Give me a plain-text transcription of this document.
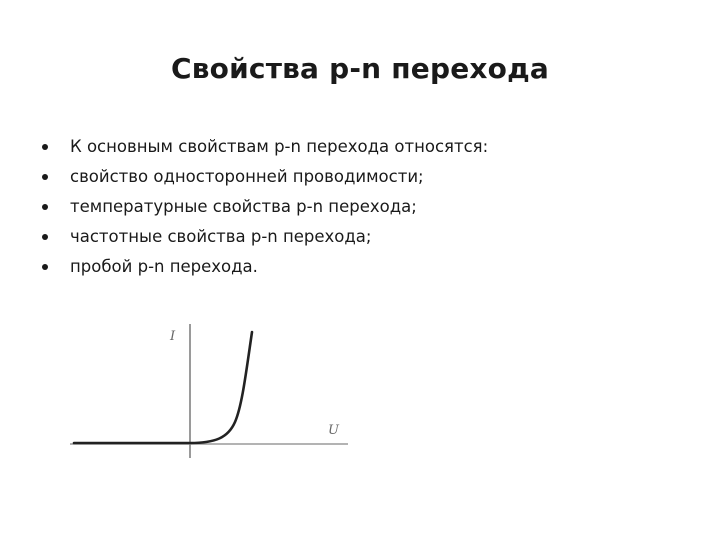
Свойства p-n перехода
К основным свойствам p-n перехода относятся:
свойство односторонней проводимости;
температурные свойства p-n перехода;
частотные свойства p-n перехода;
пробой p-n перехода.
I
U
